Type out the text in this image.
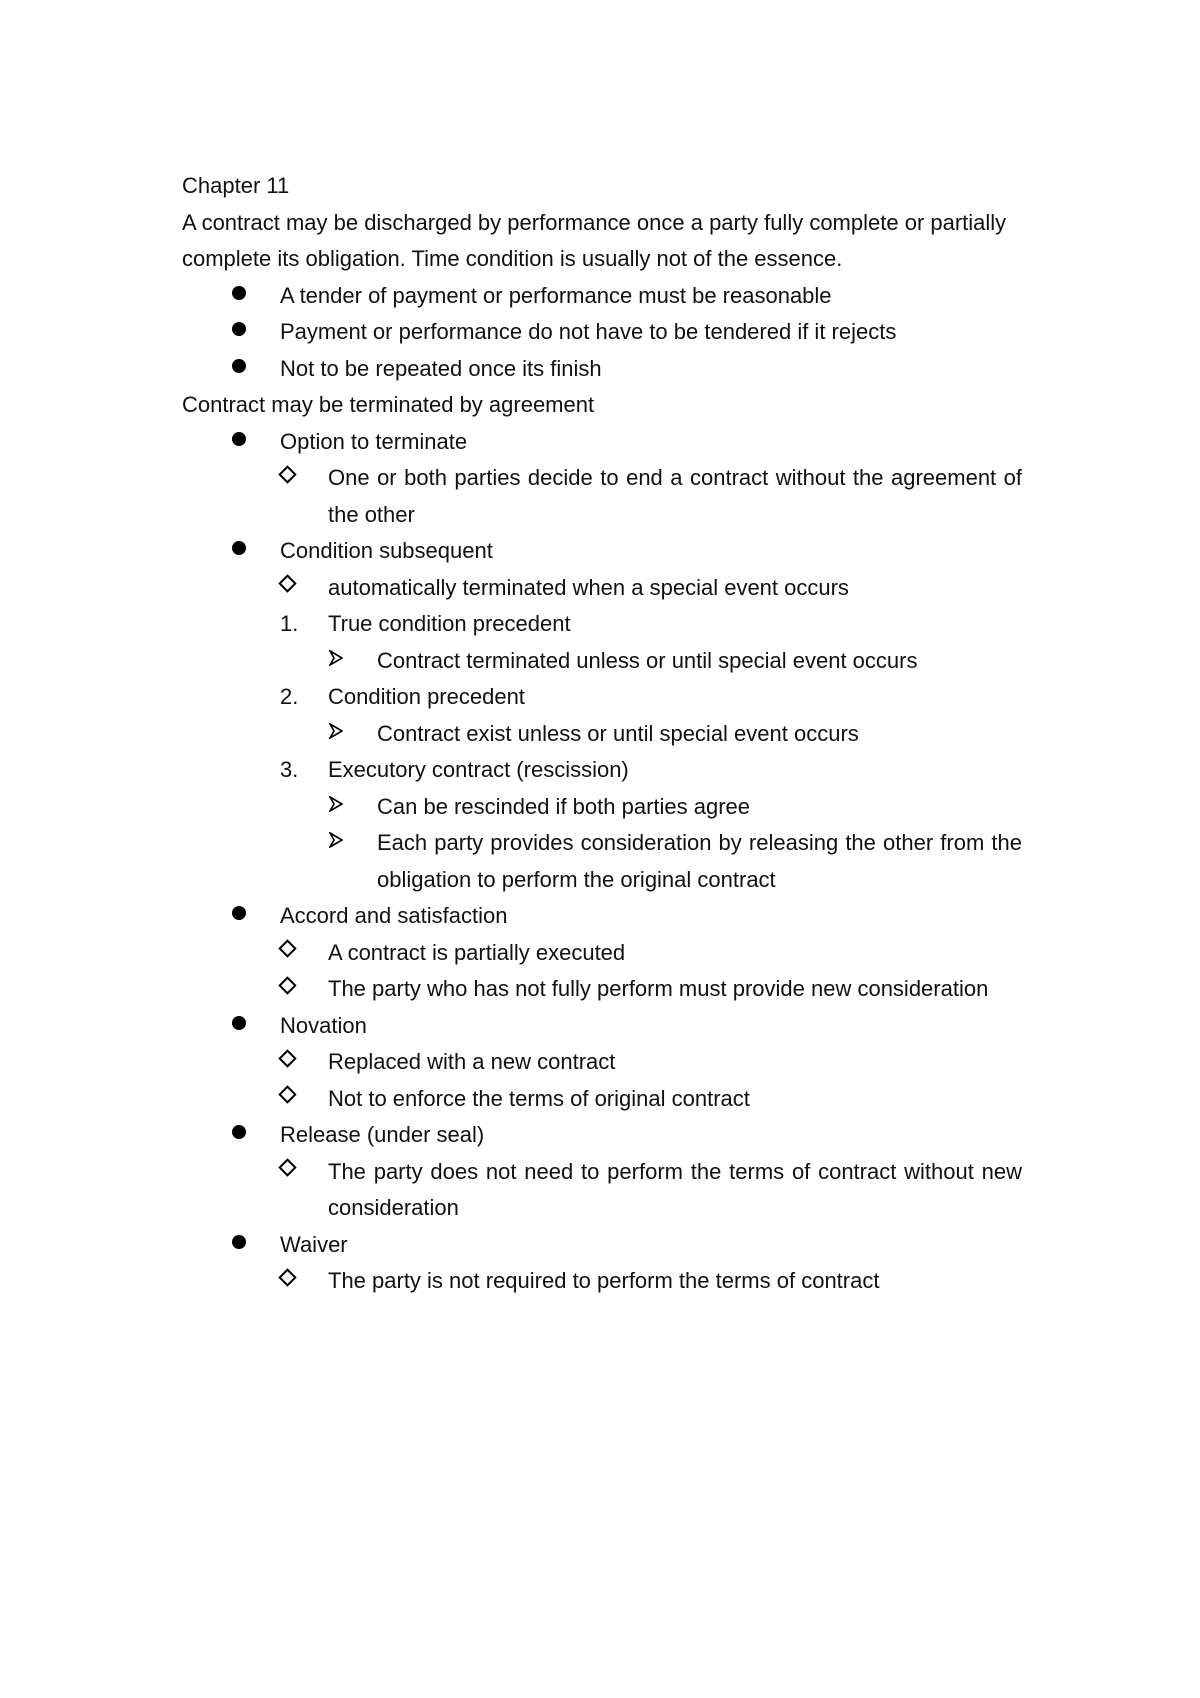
Chapter 11

A contract may be discharged by performance once a party fully complete or partially complete its obligation. Time condition is usually not of the essence.

A tender of payment or performance must be reasonable
Payment or performance do not have to be tendered if it rejects
Not to be repeated once its finish

Contract may be terminated by agreement

Option to terminate
One or both parties decide to end a contract without the agreement of the other
Condition subsequent
automatically terminated when a special event occurs
1.	True condition precedent
Contract terminated unless or until special event occurs
2.	Condition precedent
Contract exist unless or until special event occurs
3.	Executory contract (rescission)
Can be rescinded if both parties agree
Each party provides consideration by releasing the other from the obligation to perform the original contract
Accord and satisfaction
A contract is partially executed
The party who has not fully perform must provide new consideration
Novation
Replaced with a new contract
Not to enforce the terms of original contract
Release (under seal)
The party does not need to perform the terms of contract without new consideration
Waiver
The party is not required to perform the terms of contract
